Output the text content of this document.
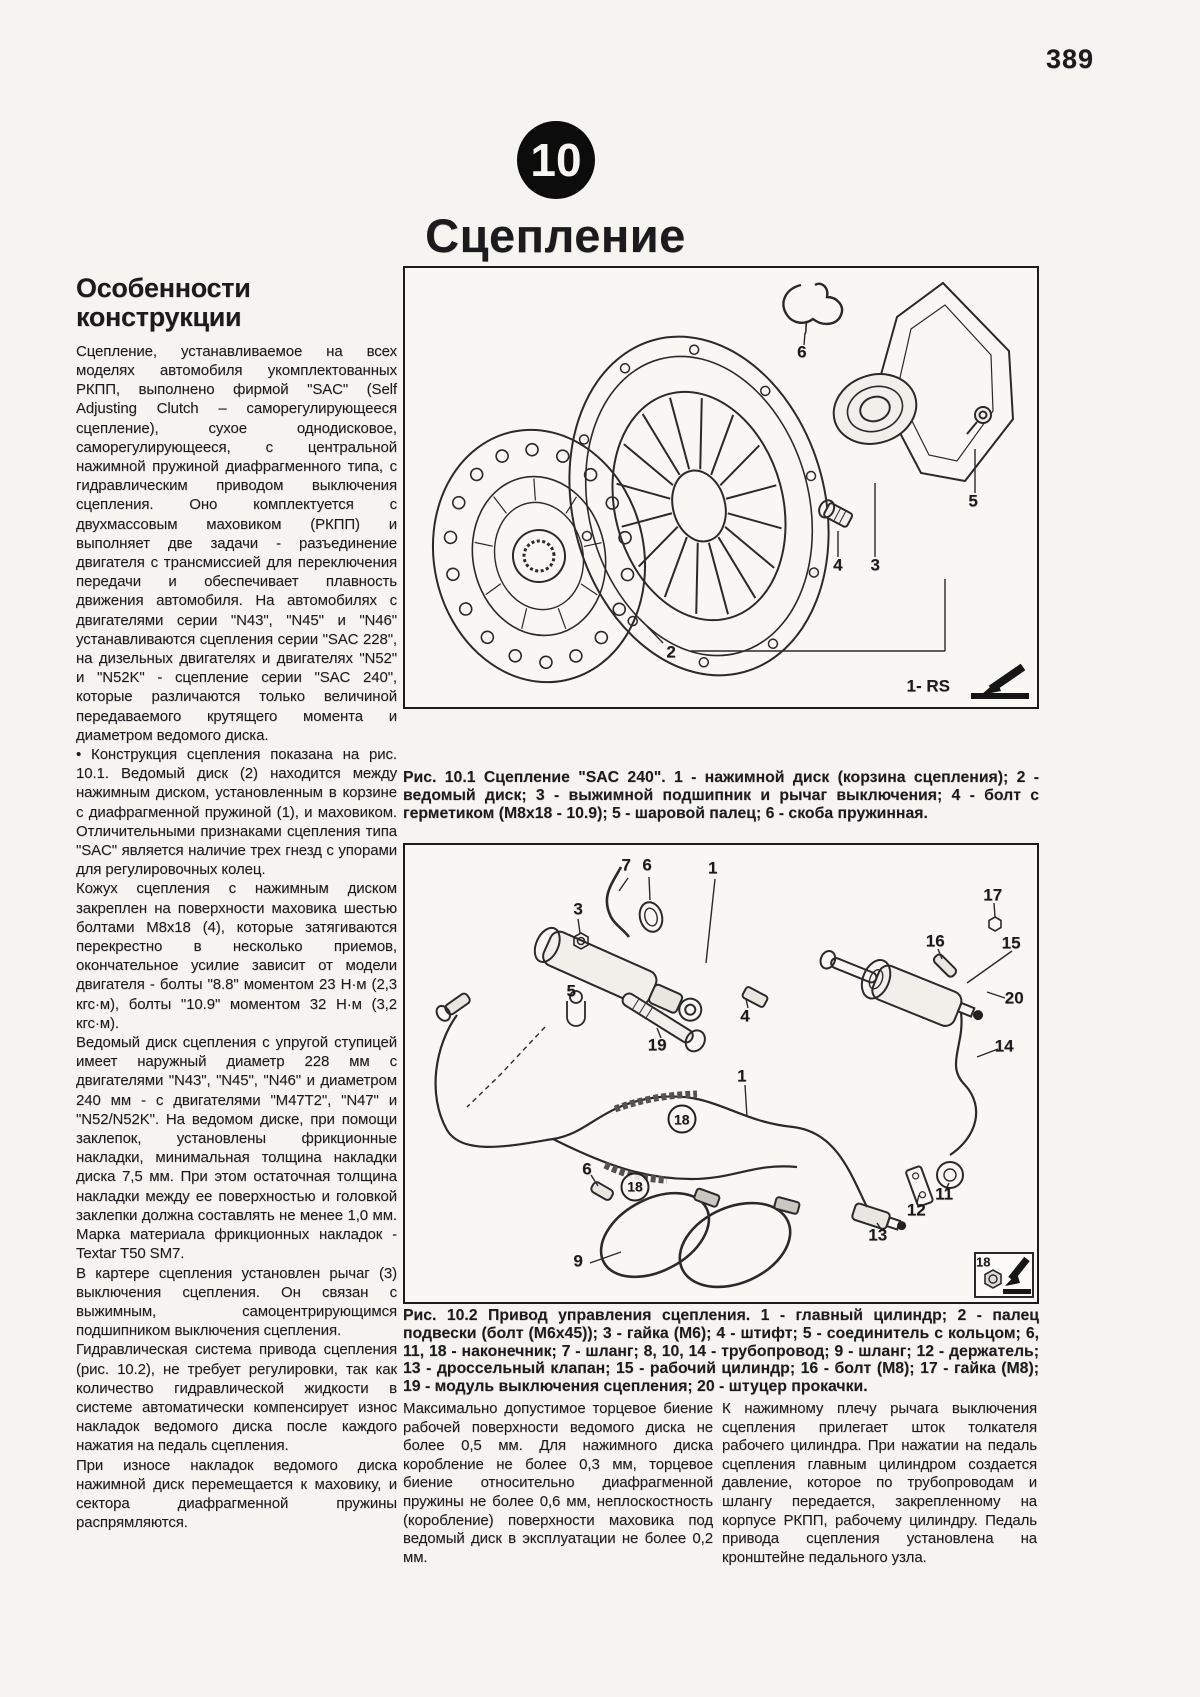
389
10
Сцепление
Особенности конструкции

Сцепление, устанавливаемое на всех моделях автомобиля укомплектованных РКПП, выполнено фирмой "SAC" (Self Adjusting Clutch – саморегулирующееся сцепление), сухое однодисковое, саморегулирующееся, с центральной нажимной пружиной диафрагменного типа, с гидравлическим приводом выключения сцепления. Оно комплектуется с двухмассовым маховиком (РКПП) и выполняет две задачи - разъединение двигателя с трансмиссией для переключения передачи и обеспечивает плавность движения автомобиля. На автомобилях с двигателями серии "N43", "N45" и "N46" устанавливаются сцепления серии "SAC 228", на дизельных двигателях и двигателях "N52" и "N52K" - сцепление серии "SAC 240", которые различаются только величиной передаваемого крутящего момента и диаметром ведомого диска.

• Конструкция сцепления показана на рис. 10.1. Ведомый диск (2) находится между нажимным диском, установленным в корзине с диафрагменной пружиной (1), и маховиком. Отличительными признаками сцепления типа "SAC" является наличие трех гнезд с упорами для регулировочных колец.

Кожух сцепления с нажимным диском закреплен на поверхности маховика шестью болтами М8х18 (4), которые затягиваются перекрестно в несколько приемов, окончательное усилие зависит от модели двигателя - болты "8.8" моментом 23 Н·м (2,3 кгс·м), болты "10.9" моментом 32 Н·м (3,2 кгс·м).

Ведомый диск сцепления с упругой ступицей имеет наружный диаметр 228 мм с двигателями "N43", "N45", "N46" и диаметром 240 мм - с двигателями "M47T2", "N47" и "N52/N52K". На ведомом диске, при помощи заклепок, установлены фрикционные накладки, минимальная толщина накладки диска 7,5 мм. При этом остаточная толщина накладки между ее поверхностью и головкой заклепки должна составлять не менее 1,0 мм. Марка материала фрикционных накладок - Textar T50 SM7.

В картере сцепления установлен рычаг (3) выключения сцепления. Он связан с выжимным, самоцентрирующимся подшипником выключения сцепления.

Гидравлическая система привода сцепления (рис. 10.2), не требует регулировки, так как количество гидравлической жидкости в системе автоматически компенсирует износ накладок ведомого диска после каждого нажатия на педаль сцепления.

При износе накладок ведомого диска нажимной диск перемещается к маховику, и сектора диафрагменной пружины распрямляются.

6
5
4 3
2
1- RS
Рис. 10.1 Сцепление "SAC 240". 1 - нажимной диск (корзина сцепления); 2 - ведомый диск; 3 - выжимной подшипник и рычаг выключения; 4 - болт с герметиком (М8х18 - 10.9); 5 - шаровой палец; 6 - скоба пружинная.
7 6	1
3
5
17
16	15
20
4
19	14
1
18
6
18	11
12
13
9	18
Рис. 10.2 Привод управления сцепления. 1 - главный цилиндр; 2 - палец подвески (болт (М6х45)); 3 - гайка (М6); 4 - штифт; 5 - соединитель с кольцом; 6, 11, 18 - наконечник; 7 - шланг; 8, 10, 14 - трубопровод; 9 - шланг; 12 - держатель; 13 - дроссельный клапан; 15 - рабочий цилиндр; 16 - болт (М8); 17 - гайка (М8); 19 - модуль выключения сцепления; 20 - штуцер прокачки.
Максимально допустимое торцевое биение рабочей поверхности ведомого диска не более 0,5 мм. Для нажимного диска коробление не более 0,3 мм, торцевое биение относительно диафрагменной пружины не более 0,6 мм, неплоскостность (коробление) поверхности маховика под ведомый диск в эксплуатации не более 0,2 мм.
К нажимному плечу рычага выключения сцепления прилегает шток толкателя рабочего цилиндра. При нажатии на педаль сцепления главным цилиндром создается давление, которое по трубопроводам и шлангу передается, закрепленному на корпусе РКПП, рабочему цилиндру. Педаль привода сцепления установлена на кронштейне педального узла.
